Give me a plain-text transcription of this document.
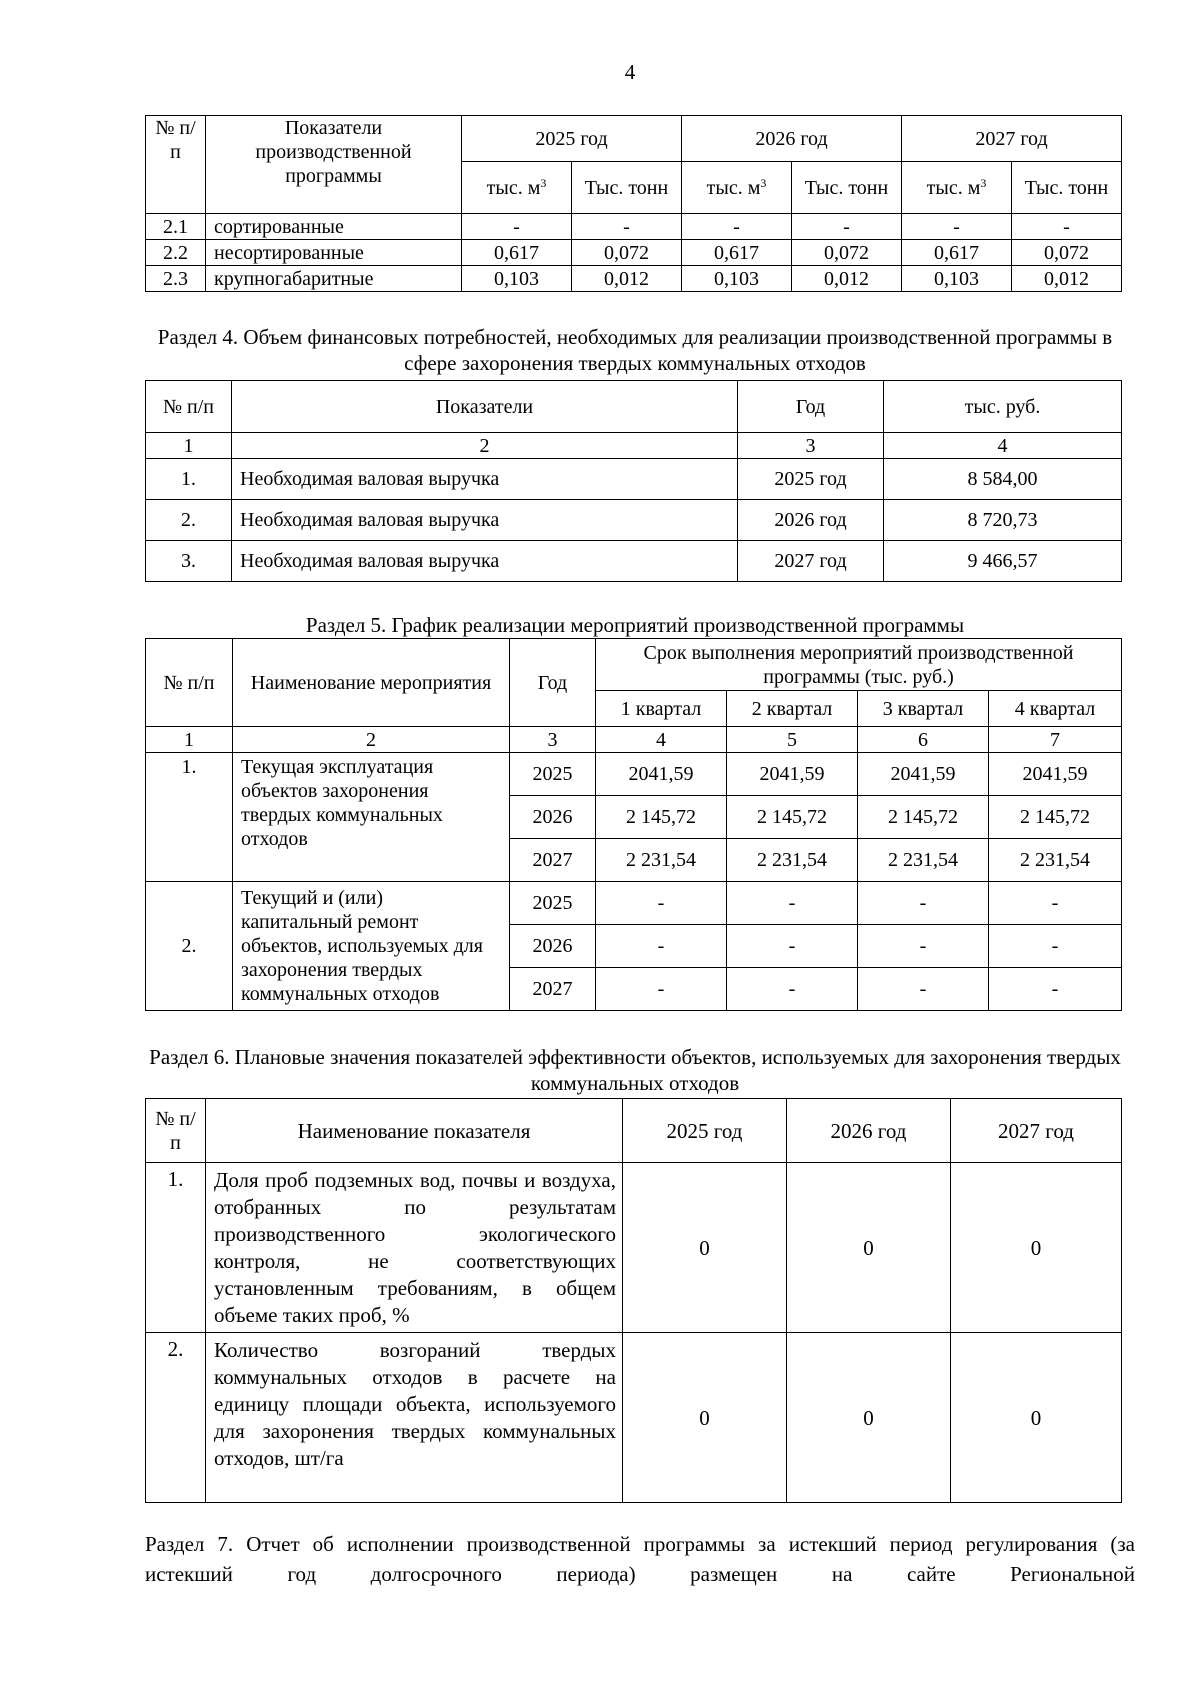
4
№ п/п	Показатели производственной программы	2025 год		2026 год		2027 год	
		тыс. $м^3$	Тыс. тонн	тыс. $м^3$	Тыс. тонн	тыс. $м^3$	Тыс. тонн
2.1	сортированные	-	-	-	-	-	-
2.2	несортированные	0,617	0,072	0,617	0,072	0,617	0,072
2.3	крупногабаритные	0,103	0,012	0,103	0,012	0,103	0,012
Раздел 4. Объем финансовых потребностей, необходимых для реализации производственной программы в сфере захоронения твердых коммунальных отходов
№ п/п	Показатели	Год	тыс. руб.
1	2	3	4
1.	Необходимая валовая выручка	2025 год	8 584,00
2.	Необходимая валовая выручка	2026 год	8 720,73
3.	Необходимая валовая выручка	2027 год	9 466,57
Раздел 5. График реализации мероприятий производственной программы
№ п/п	Наименование мероприятия	Год	Срок выполнения мероприятий производственной программы (тыс. руб.)			
			1 квартал	2 квартал	3 квартал	4 квартал
1	2	3	4	5	6	7
1.	Текущая эксплуатация объектов захоронения твердых коммунальных отходов	2025	2041,59	2041,59	2041,59	2041,59
		2026	2 145,72	2 145,72	2 145,72	2 145,72
		2027	2 231,54	2 231,54	2 231,54	2 231,54
2.	Текущий и (или) капитальный ремонт объектов, используемых для захоронения твердых коммунальных отходов	2025	-	-	-	-
		2026	-	-	-	-
		2027	-	-	-	-
Раздел 6. Плановые значения показателей эффективности объектов, используемых для захоронения твердых коммунальных отходов
№ п/п	Наименование показателя	2025 год	2026 год	2027 год
1.	Доля проб подземных вод, почвы и воздуха, отобранных по результатам производственного экологического контроля, не соответствующих установленным требованиям, в общем объеме таких проб, %	0	0	0
2.	Количество возгораний твердых коммунальных отходов в расчете на единицу площади объекта, используемого для захоронения твердых коммунальных отходов, шт/га	0	0	0
Раздел 7. Отчет об исполнении производственной программы за истекший период регулирования (за истекший год долгосрочного периода) размещен на сайте Региональной
